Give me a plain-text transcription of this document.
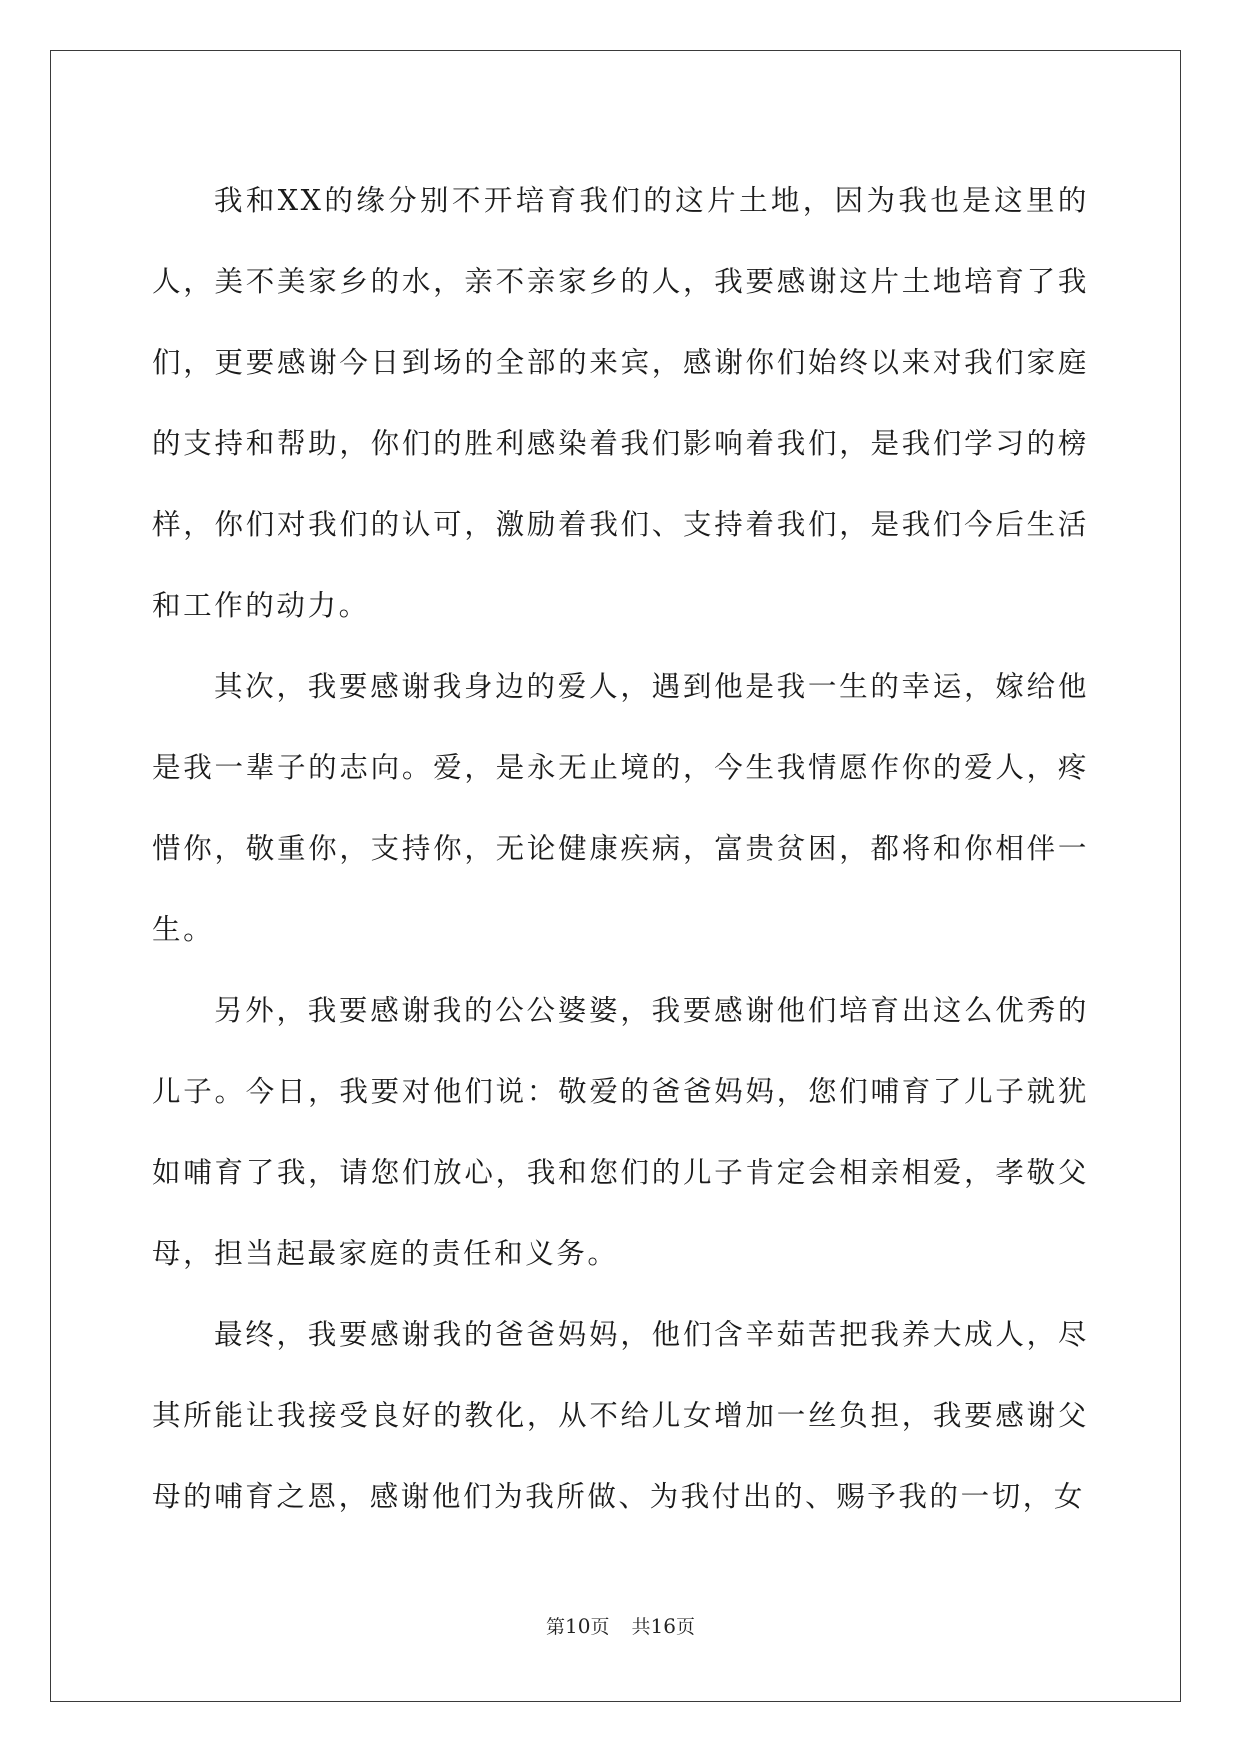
我和XX的缘分别不开培育我们的这片土地，因为我也是这里的人，美不美家乡的水，亲不亲家乡的人，我要感谢这片土地培育了我们，更要感谢今日到场的全部的来宾，感谢你们始终以来对我们家庭的支持和帮助，你们的胜利感染着我们影响着我们，是我们学习的榜样，你们对我们的认可，激励着我们、支持着我们，是我们今后生活和工作的动力。

其次，我要感谢我身边的爱人，遇到他是我一生的幸运，嫁给他是我一辈子的志向。爱，是永无止境的，今生我情愿作你的爱人，疼惜你，敬重你，支持你，无论健康疾病，富贵贫困，都将和你相伴一生。

另外，我要感谢我的公公婆婆，我要感谢他们培育出这么优秀的儿子。今日，我要对他们说：敬爱的爸爸妈妈，您们哺育了儿子就犹如哺育了我，请您们放心，我和您们的儿子肯定会相亲相爱，孝敬父母，担当起最家庭的责任和义务。

最终，我要感谢我的爸爸妈妈，他们含辛茹苦把我养大成人，尽其所能让我接受良好的教化，从不给儿女增加一丝负担，我要感谢父母的哺育之恩，感谢他们为我所做、为我付出的、赐予我的一切，女

第10页 共16页
